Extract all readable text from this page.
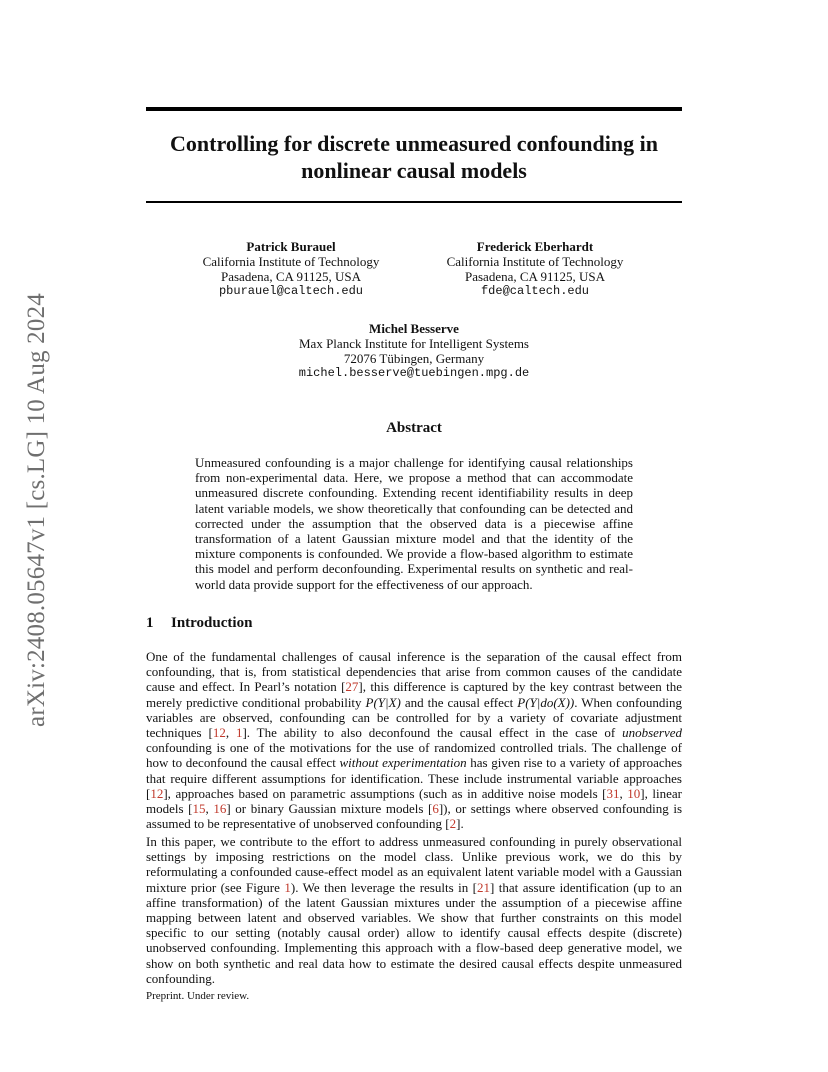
arXiv:2408.05647v1 [cs.LG] 10 Aug 2024
Controlling for discrete unmeasured confounding in
nonlinear causal models
Patrick Burauel
California Institute of Technology
Pasadena, CA 91125, USA
pburauel@caltech.edu
Frederick Eberhardt
California Institute of Technology
Pasadena, CA 91125, USA
fde@caltech.edu
Michel Besserve
Max Planck Institute for Intelligent Systems
72076 Tübingen, Germany
michel.besserve@tuebingen.mpg.de
Abstract
Unmeasured confounding is a major challenge for identifying causal relationships from non-experimental data. Here, we propose a method that can accommodate unmeasured discrete confounding. Extending recent identifiability results in deep latent variable models, we show theoretically that confounding can be detected and corrected under the assumption that the observed data is a piecewise affine transformation of a latent Gaussian mixture model and that the identity of the mixture components is confounded. We provide a flow-based algorithm to estimate this model and perform deconfounding. Experimental results on synthetic and real-world data provide support for the effectiveness of our approach.
1 Introduction
One of the fundamental challenges of causal inference is the separation of the causal effect from confounding, that is, from statistical dependencies that arise from common causes of the candidate cause and effect. In Pearl’s notation [27], this difference is captured by the key contrast between the merely predictive conditional probability P(Y|X) and the causal effect P(Y|do(X)). When confounding variables are observed, confounding can be controlled for by a variety of covariate adjustment techniques [12, 1]. The ability to also deconfound the causal effect in the case of unobserved confounding is one of the motivations for the use of randomized controlled trials. The challenge of how to deconfound the causal effect without experimentation has given rise to a variety of approaches that require different assumptions for identification. These include instrumental variable approaches [12], approaches based on parametric assumptions (such as in additive noise models [31, 10], linear models [15, 16] or binary Gaussian mixture models [6]), or settings where observed confounding is assumed to be representative of unobserved confounding [2].
In this paper, we contribute to the effort to address unmeasured confounding in purely observational settings by imposing restrictions on the model class. Unlike previous work, we do this by reformulating a confounded cause-effect model as an equivalent latent variable model with a Gaussian mixture prior (see Figure 1). We then leverage the results in [21] that assure identification (up to an affine transformation) of the latent Gaussian mixtures under the assumption of a piecewise affine mapping between latent and observed variables. We show that further constraints on this model specific to our setting (notably causal order) allow to identify causal effects despite (discrete) unobserved confounding. Implementing this approach with a flow-based deep generative model, we show on both synthetic and real data how to estimate the desired causal effects despite unmeasured confounding.
Preprint. Under review.
